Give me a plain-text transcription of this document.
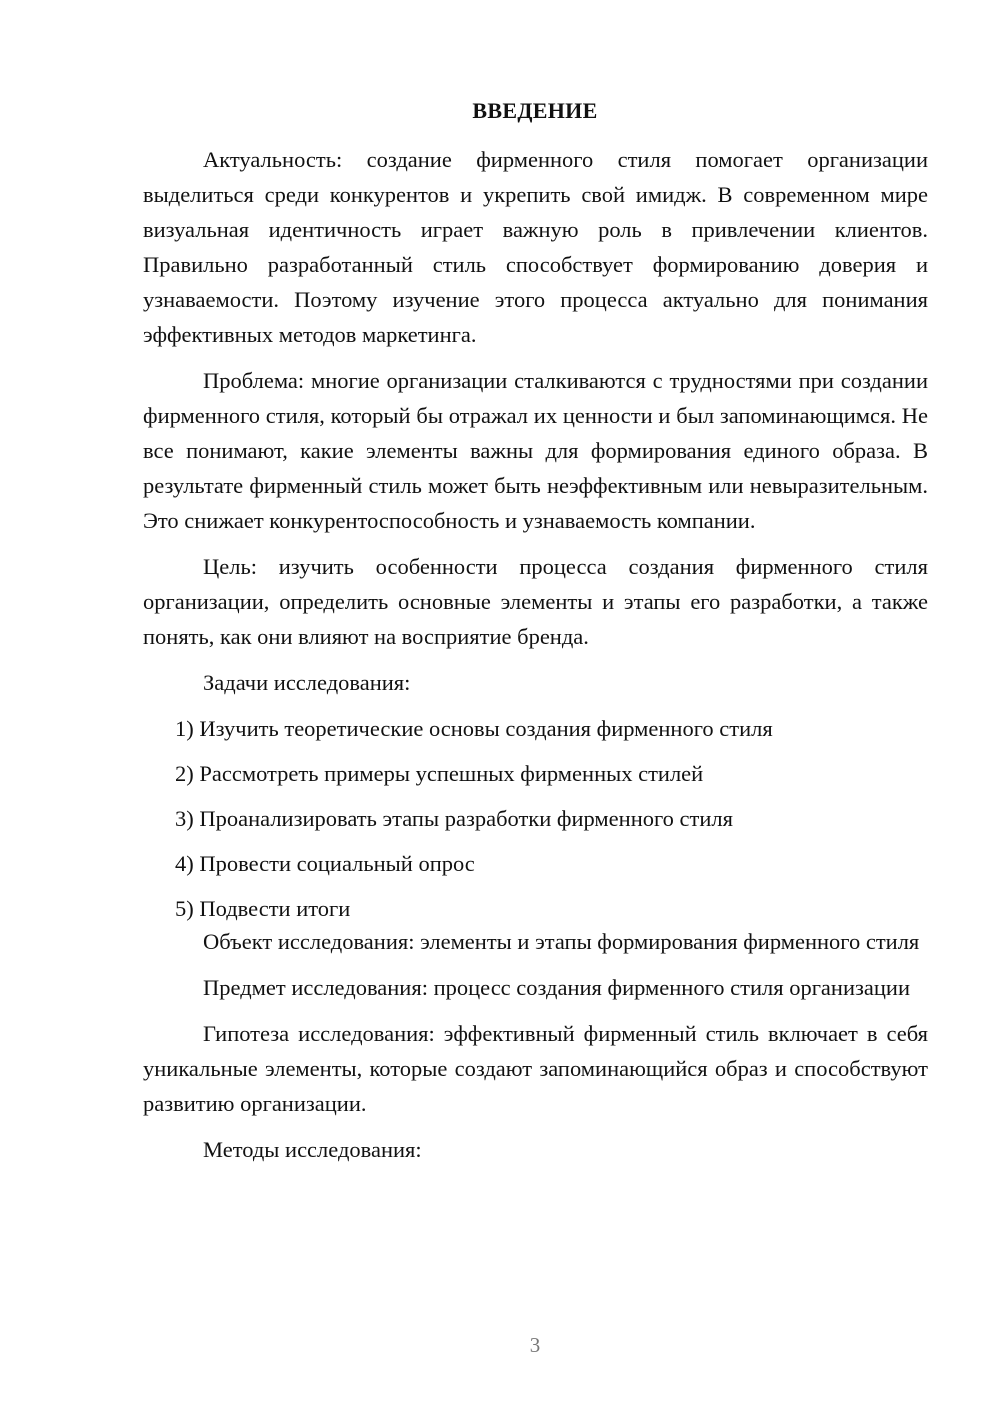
ВВЕДЕНИЕ

Актуальность: создание фирменного стиля помогает организации выделиться среди конкурентов и укрепить свой имидж. В современном мире визуальная идентичность играет важную роль в привлечении клиентов. Правильно разработанный стиль способствует формированию доверия и узнаваемости. Поэтому изучение этого процесса актуально для понимания эффективных методов маркетинга.

Проблема: многие организации сталкиваются с трудностями при создании фирменного стиля, который бы отражал их ценности и был запоминающимся. Не все понимают, какие элементы важны для формирования единого образа. В результате фирменный стиль может быть неэффективным или невыразительным. Это снижает конкурентоспособность и узнаваемость компании.

Цель: изучить особенности процесса создания фирменного стиля организации, определить основные элементы и этапы его разработки, а также понять, как они влияют на восприятие бренда.

Задачи исследования:

1) Изучить теоретические основы создания фирменного стиля
2) Рассмотреть примеры успешных фирменных стилей
3) Проанализировать этапы разработки фирменного стиля
4) Провести социальный опрос
5) Подвести итоги

Объект исследования: элементы и этапы формирования фирменного стиля

Предмет исследования: процесс создания фирменного стиля организации

Гипотеза исследования: эффективный фирменный стиль включает в себя уникальные элементы, которые создают запоминающийся образ и способствуют развитию организации.

Методы исследования:

3
